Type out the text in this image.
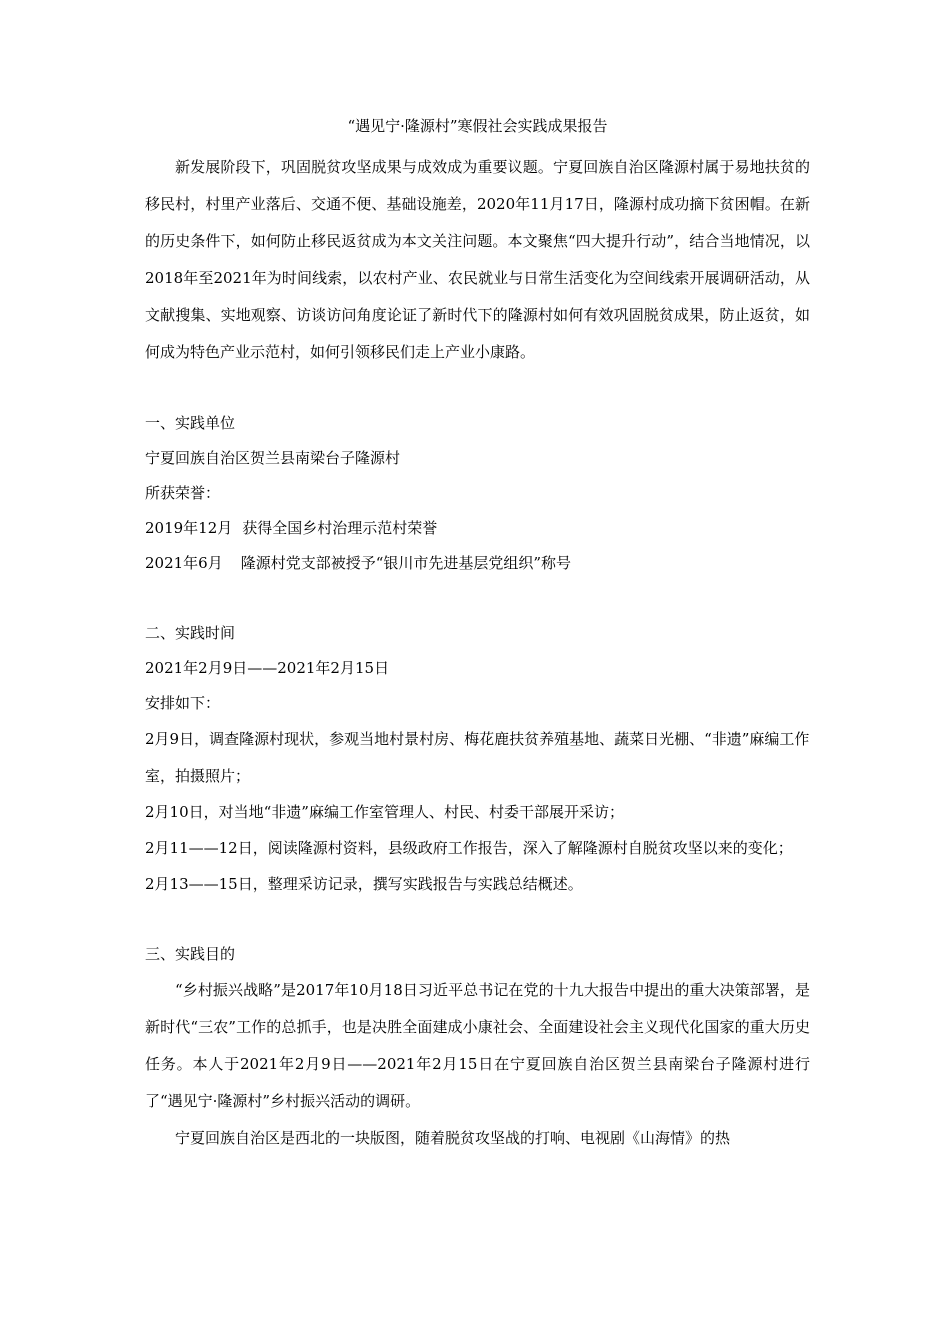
“遇见宁·隆源村”寒假社会实践成果报告

新发展阶段下，巩固脱贫攻坚成果与成效成为重要议题。宁夏回族自治区隆源村属于易地扶贫的移民村，村里产业落后、交通不便、基础设施差，2020年11月17日，隆源村成功摘下贫困帽。在新的历史条件下，如何防止移民返贫成为本文关注问题。本文聚焦“四大提升行动”，结合当地情况，以2018年至2021年为时间线索，以农村产业、农民就业与日常生活变化为空间线索开展调研活动，从文献搜集、实地观察、访谈访问角度论证了新时代下的隆源村如何有效巩固脱贫成果，防止返贫，如何成为特色产业示范村，如何引领移民们走上产业小康路。

一、实践单位

宁夏回族自治区贺兰县南梁台子隆源村

所获荣誉：

2019年12月 获得全国乡村治理示范村荣誉

2021年6月 隆源村党支部被授予“银川市先进基层党组织”称号

二、实践时间

2021年2月9日——2021年2月15日

安排如下：

2月9日，调查隆源村现状，参观当地村景村房、梅花鹿扶贫养殖基地、蔬菜日光棚、“非遗”麻编工作室，拍摄照片；

2月10日，对当地“非遗”麻编工作室管理人、村民、村委干部展开采访；

2月11——12日，阅读隆源村资料，县级政府工作报告，深入了解隆源村自脱贫攻坚以来的变化；

2月13——15日，整理采访记录，撰写实践报告与实践总结概述。

三、实践目的

“乡村振兴战略”是2017年10月18日习近平总书记在党的十九大报告中提出的重大决策部署，是新时代“三农”工作的总抓手，也是决胜全面建成小康社会、全面建设社会主义现代化国家的重大历史任务。本人于2021年2月9日——2021年2月15日在宁夏回族自治区贺兰县南梁台子隆源村进行了“遇见宁·隆源村”乡村振兴活动的调研。

宁夏回族自治区是西北的一块版图，随着脱贫攻坚战的打响、电视剧《山海情》的热
